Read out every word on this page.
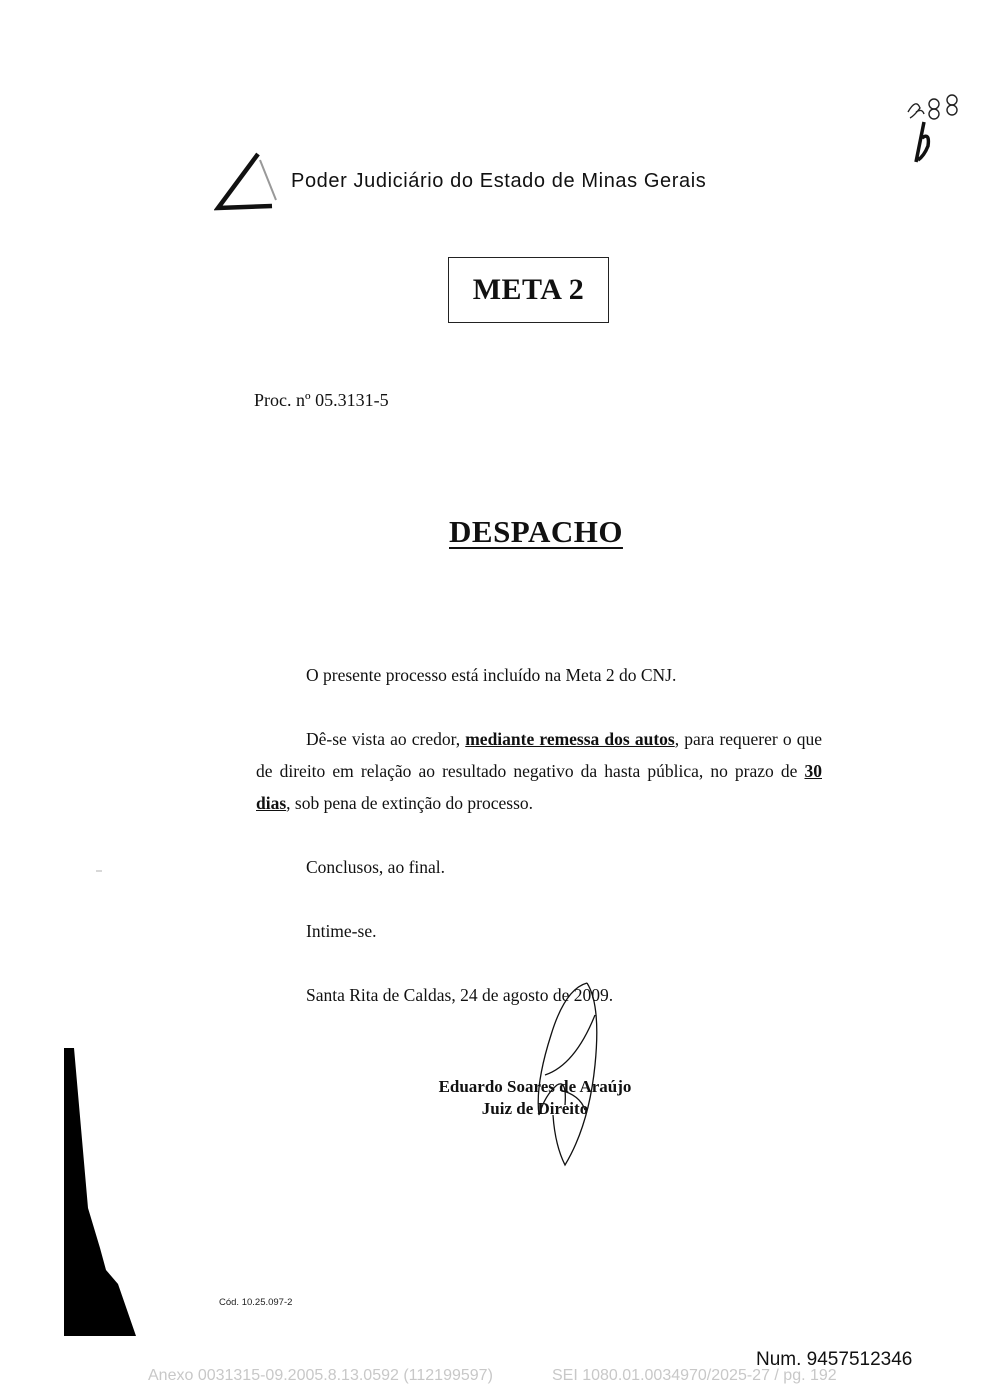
Poder Judiciário do Estado de Minas Gerais
META 2
Proc. nº 05.3131-5
DESPACHO
O presente processo está incluído na Meta 2 do CNJ.
Dê-se vista ao credor, mediante remessa dos autos, para requerer o que de direito em relação ao resultado negativo da hasta pública, no prazo de 30 dias, sob pena de extinção do processo.
Conclusos, ao final.
Intime-se.
Santa Rita de Caldas, 24 de agosto de 2009.
Eduardo Soares de Araújo
Juiz de Direito
Cód. 10.25.097-2
Num. 9457512346
Anexo 0031315-09.2005.8.13.0592 (112199597)	SEI 1080.01.0034970/2025-27 / pg. 192
